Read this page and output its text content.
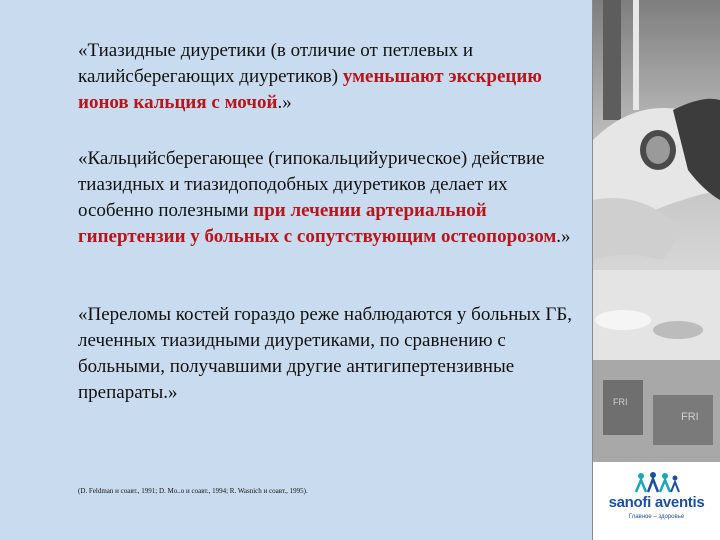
«Тиазидные диуретики (в отличие от петлевых и калийсберегающих диуретиков) уменьшают экскрецию ионов кальция с мочой.»

«Кальцийсберегающее (гипокальцийурическое) действие тиазидных и тиазидоподобных диуретиков делает их особенно полезными при лечении артериальной гипертензии у больных с сопутствующим остеопорозом.»

«Переломы костей гораздо реже наблюдаются у больных ГБ, леченных тиазидными диуретиками, по сравнению с больными, получавшими другие антигипертензивные препараты.»

(D. Feldman и соавт., 1991; D. Mo..o и соавт., 1994; R. Wasnich и соавт., 1995).
FRI
FRI
sanofi aventis
Главное – здоровье
